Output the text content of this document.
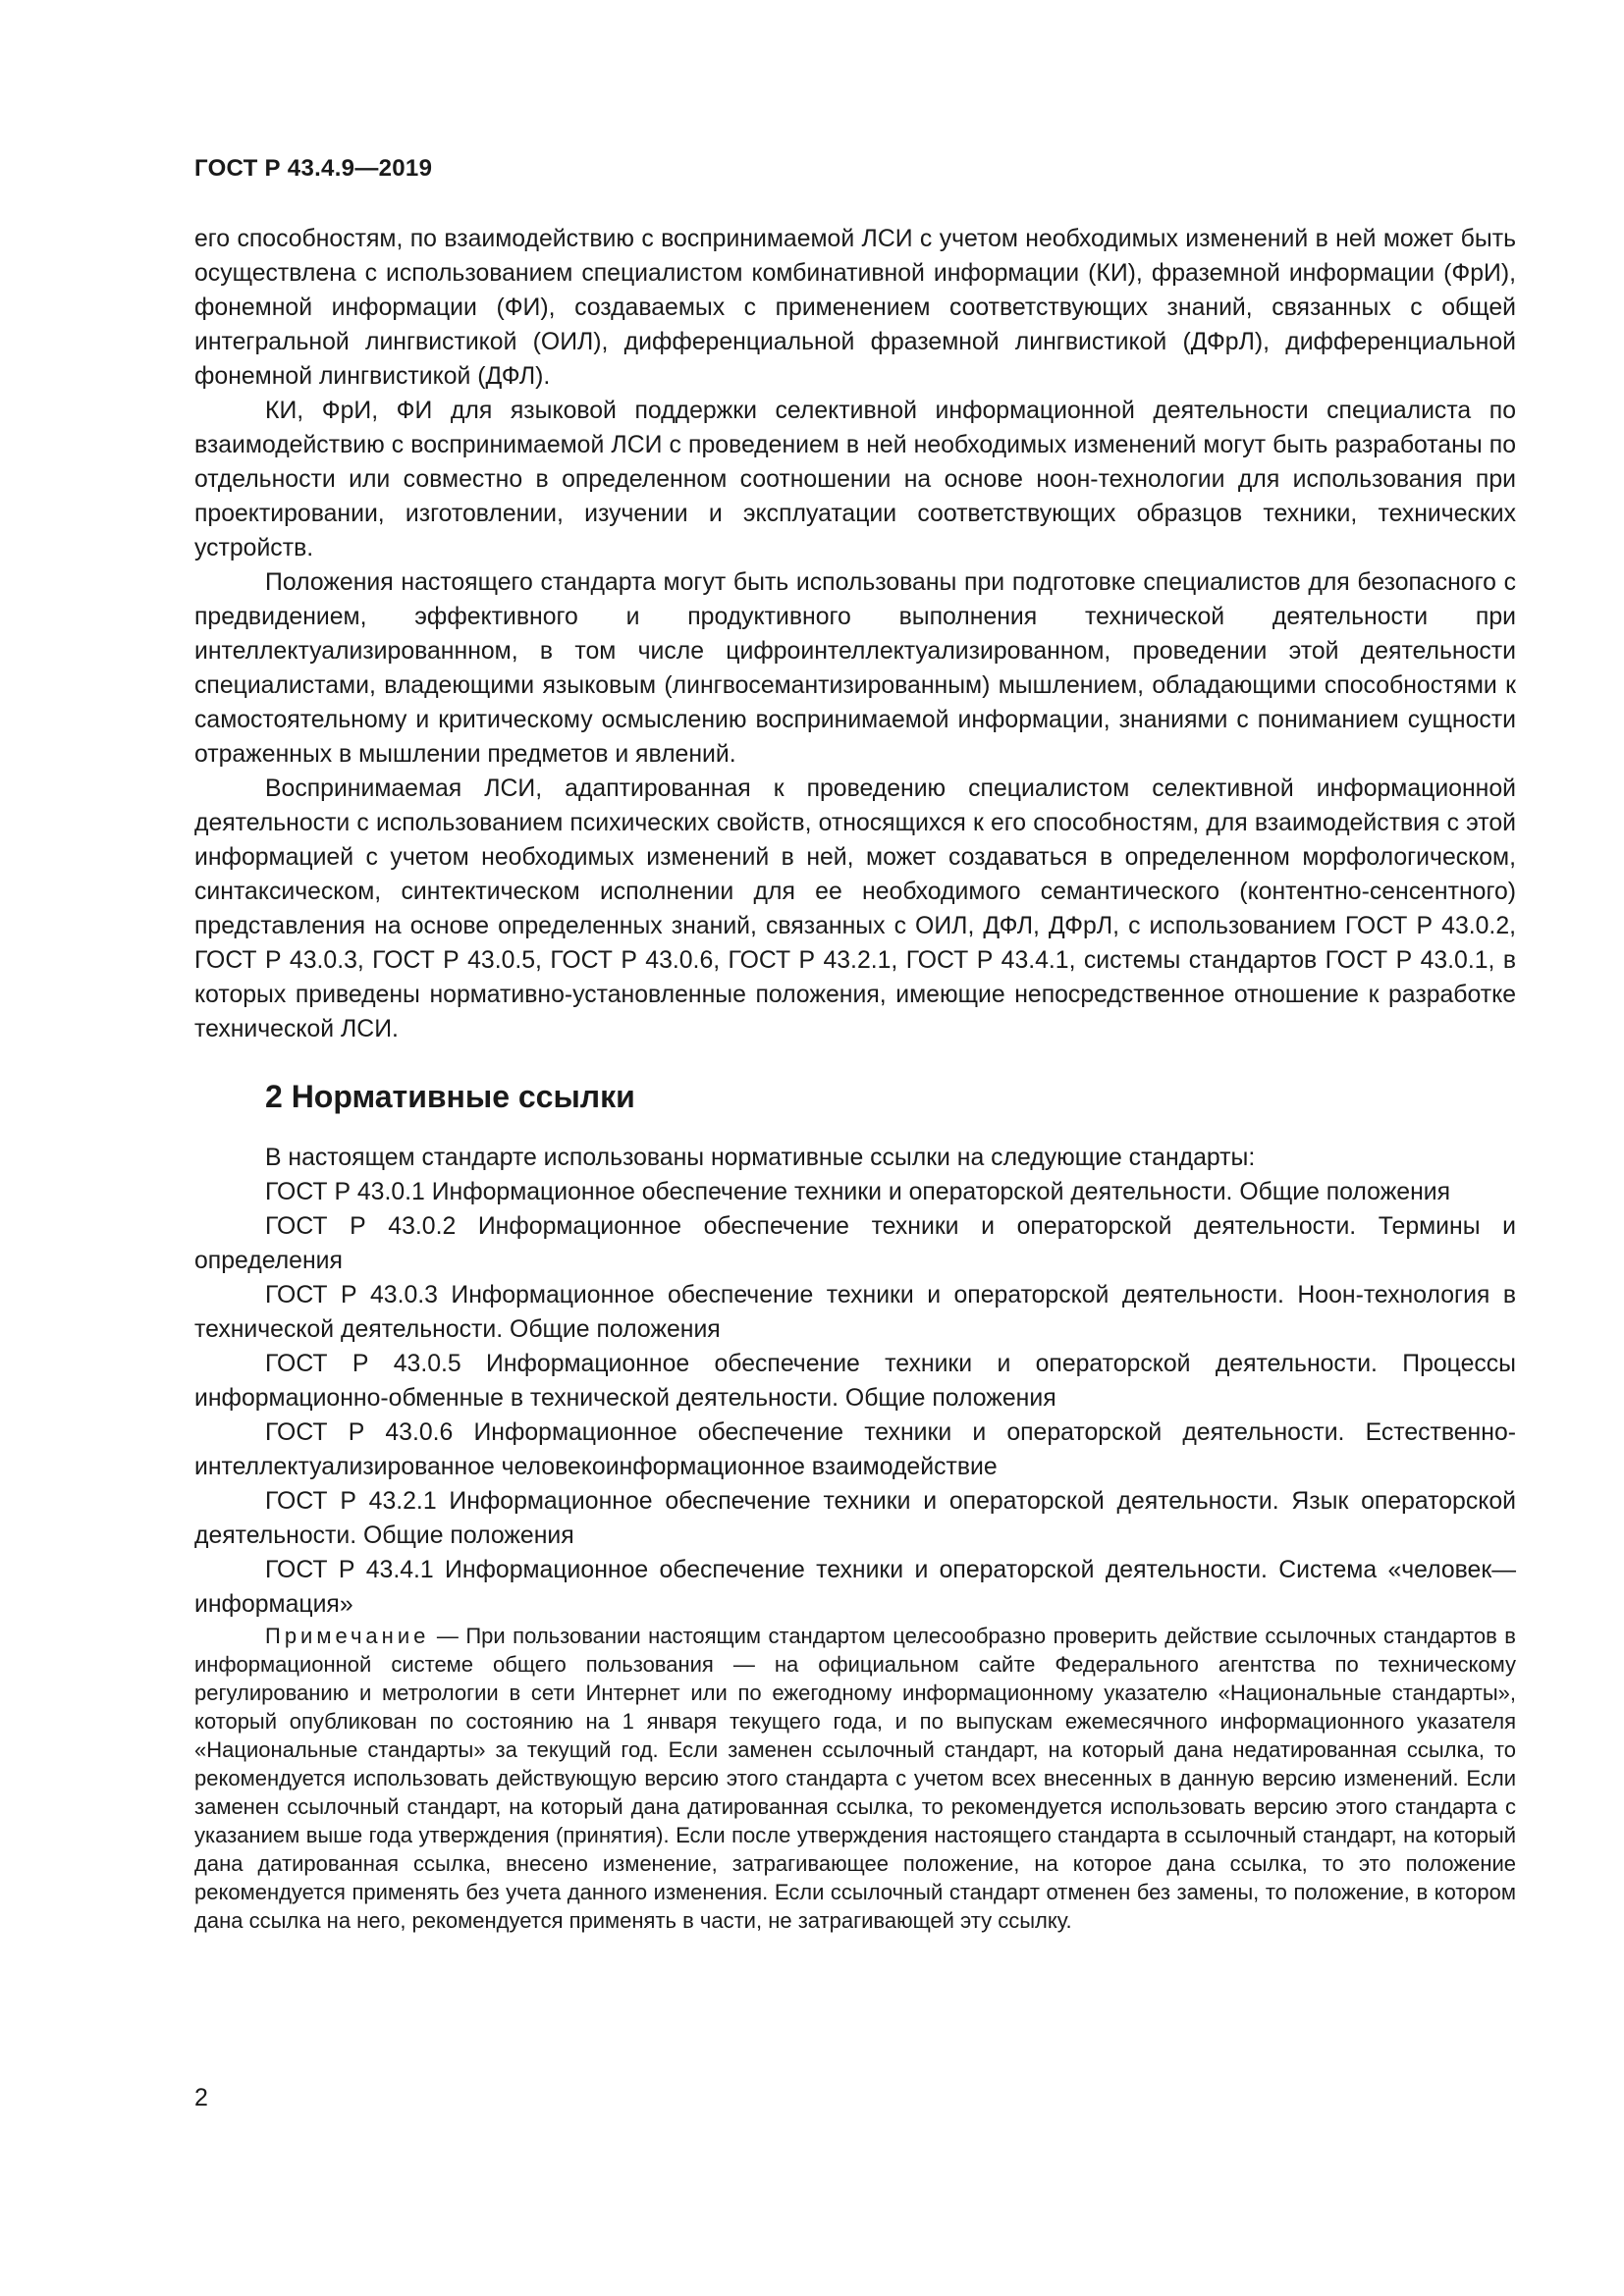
ГОСТ Р 43.4.9—2019

его способностям, по взаимодействию с воспринимаемой ЛСИ с учетом необходимых изменений в ней может быть осуществлена с использованием специалистом комбинативной информации (КИ), фраземной информации (ФрИ), фонемной информации (ФИ), создаваемых с применением соответствующих знаний, связанных с общей интегральной лингвистикой (ОИЛ), дифференциальной фраземной лингвистикой (ДФрЛ), дифференциальной фонемной лингвистикой (ДФЛ).

КИ, ФрИ, ФИ для языковой поддержки селективной информационной деятельности специалиста по взаимодействию с воспринимаемой ЛСИ с проведением в ней необходимых изменений могут быть разработаны по отдельности или совместно в определенном соотношении на основе ноон-технологии для использования при проектировании, изготовлении, изучении и эксплуатации соответствующих образцов техники, технических устройств.

Положения настоящего стандарта могут быть использованы при подготовке специалистов для безопасного с предвидением, эффективного и продуктивного выполнения технической деятельности при интеллектуализированнном, в том числе цифроинтеллектуализированном, проведении этой деятельности специалистами, владеющими языковым (лингвосемантизированным) мышлением, обладающими способностями к самостоятельному и критическому осмыслению воспринимаемой информации, знаниями с пониманием сущности отраженных в мышлении предметов и явлений.

Воспринимаемая ЛСИ, адаптированная к проведению специалистом селективной информационной деятельности с использованием психических свойств, относящихся к его способностям, для взаимодействия с этой информацией с учетом необходимых изменений в ней, может создаваться в определенном морфологическом, синтаксическом, синтектическом исполнении для ее необходимого семантического (контентно-сенсентного) представления на основе определенных знаний, связанных с ОИЛ, ДФЛ, ДФрЛ, с использованием ГОСТ Р 43.0.2, ГОСТ Р 43.0.3, ГОСТ Р 43.0.5, ГОСТ Р 43.0.6, ГОСТ Р 43.2.1, ГОСТ Р 43.4.1, системы стандартов ГОСТ Р 43.0.1, в которых приведены нормативно-установленные положения, имеющие непосредственное отношение к разработке технической ЛСИ.

2 Нормативные ссылки

В настоящем стандарте использованы нормативные ссылки на следующие стандарты:

ГОСТ Р 43.0.1 Информационное обеспечение техники и операторской деятельности. Общие положения

ГОСТ Р 43.0.2 Информационное обеспечение техники и операторской деятельности. Термины и определения

ГОСТ Р 43.0.3 Информационное обеспечение техники и операторской деятельности. Ноон-технология в технической деятельности. Общие положения

ГОСТ Р 43.0.5 Информационное обеспечение техники и операторской деятельности. Процессы информационно-обменные в технической деятельности. Общие положения

ГОСТ Р 43.0.6 Информационное обеспечение техники и операторской деятельности. Естественно-интеллектуализированное человекоинформационное взаимодействие

ГОСТ Р 43.2.1 Информационное обеспечение техники и операторской деятельности. Язык операторской деятельности. Общие положения

ГОСТ Р 43.4.1 Информационное обеспечение техники и операторской деятельности. Система «человек—информация»

Примечание — При пользовании настоящим стандартом целесообразно проверить действие ссылочных стандартов в информационной системе общего пользования — на официальном сайте Федерального агентства по техническому регулированию и метрологии в сети Интернет или по ежегодному информационному указателю «Национальные стандарты», который опубликован по состоянию на 1 января текущего года, и по выпускам ежемесячного информационного указателя «Национальные стандарты» за текущий год. Если заменен ссылочный стандарт, на который дана недатированная ссылка, то рекомендуется использовать действующую версию этого стандарта с учетом всех внесенных в данную версию изменений. Если заменен ссылочный стандарт, на который дана датированная ссылка, то рекомендуется использовать версию этого стандарта с указанием выше года утверждения (принятия). Если после утверждения настоящего стандарта в ссылочный стандарт, на который дана датированная ссылка, внесено изменение, затрагивающее положение, на которое дана ссылка, то это положение рекомендуется применять без учета данного изменения. Если ссылочный стандарт отменен без замены, то положение, в котором дана ссылка на него, рекомендуется применять в части, не затрагивающей эту ссылку.

2
